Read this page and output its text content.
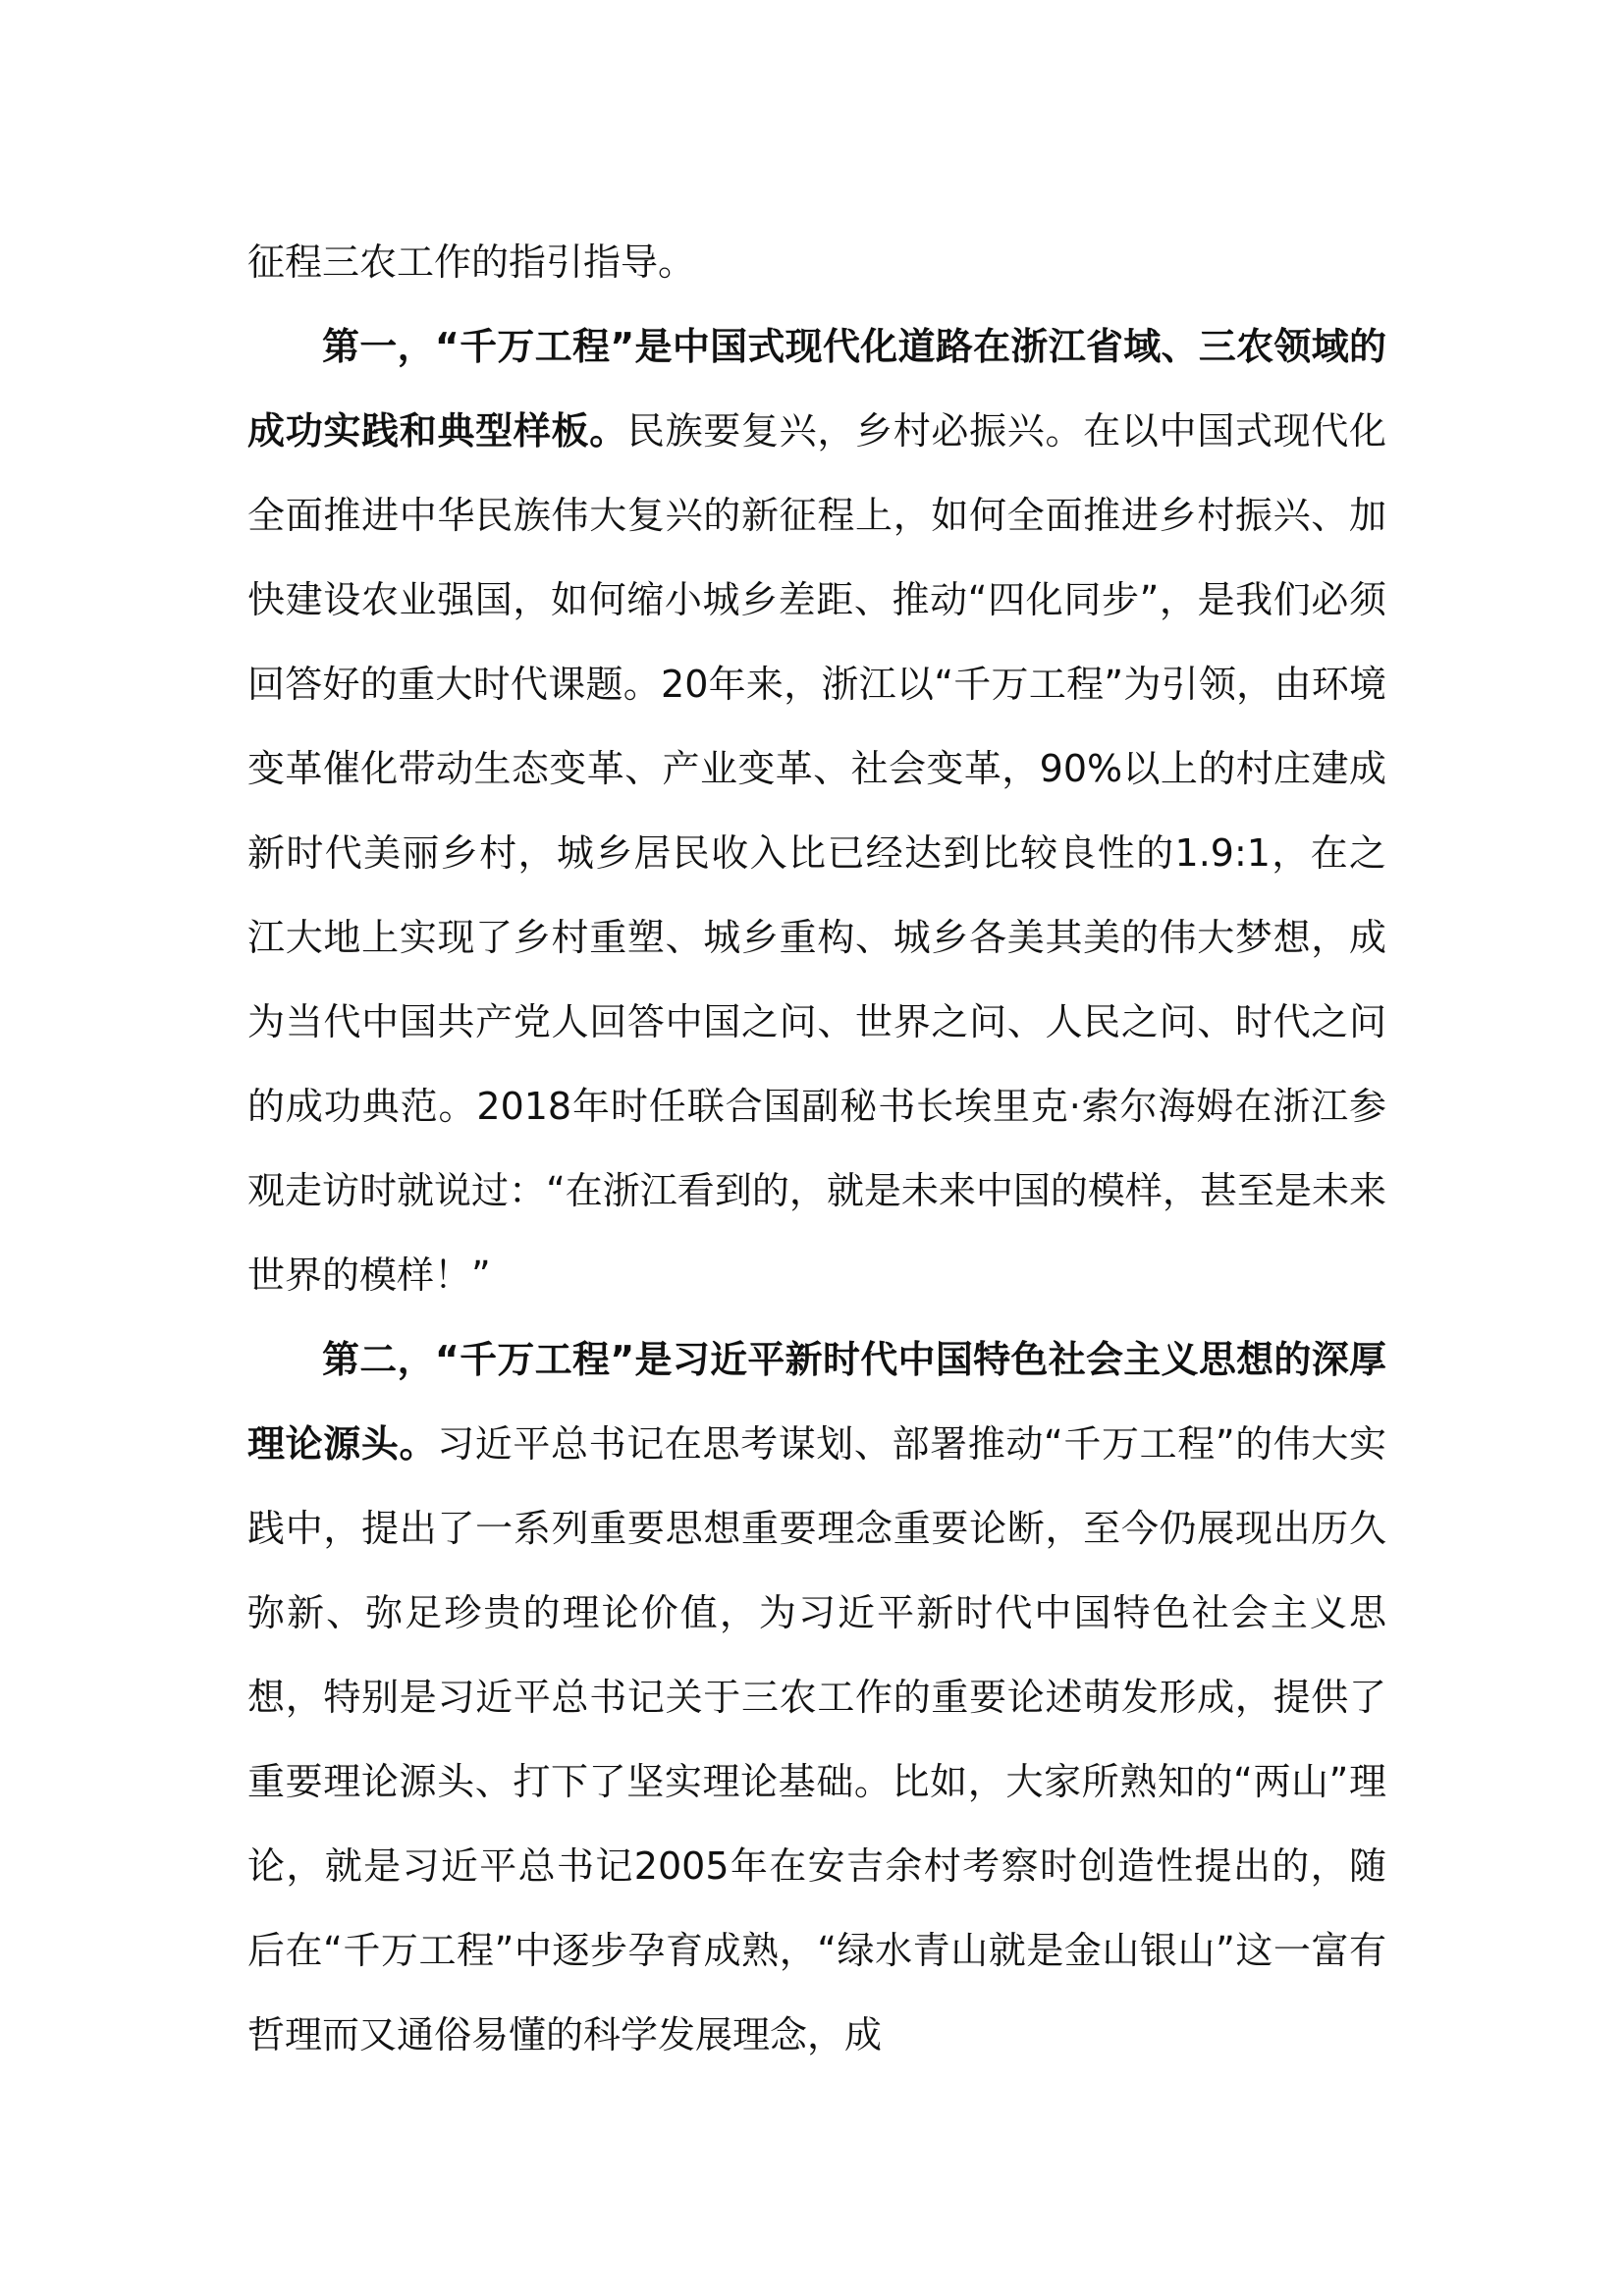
征程三农工作的指引指导。

第一，“千万工程”是中国式现代化道路在浙江省域、三农领域的成功实践和典型样板。民族要复兴，乡村必振兴。在以中国式现代化全面推进中华民族伟大复兴的新征程上，如何全面推进乡村振兴、加快建设农业强国，如何缩小城乡差距、推动“四化同步”，是我们必须回答好的重大时代课题。20年来，浙江以“千万工程”为引领，由环境变革催化带动生态变革、产业变革、社会变革，90%以上的村庄建成新时代美丽乡村，城乡居民收入比已经达到比较良性的1.9:1，在之江大地上实现了乡村重塑、城乡重构、城乡各美其美的伟大梦想，成为当代中国共产党人回答中国之问、世界之问、人民之问、时代之问的成功典范。2018年时任联合国副秘书长埃里克·索尔海姆在浙江参观走访时就说过：“在浙江看到的，就是未来中国的模样，甚至是未来世界的模样！”

第二，“千万工程”是习近平新时代中国特色社会主义思想的深厚理论源头。习近平总书记在思考谋划、部署推动“千万工程”的伟大实践中，提出了一系列重要思想重要理念重要论断，至今仍展现出历久弥新、弥足珍贵的理论价值，为习近平新时代中国特色社会主义思想，特别是习近平总书记关于三农工作的重要论述萌发形成，提供了重要理论源头、打下了坚实理论基础。比如，大家所熟知的“两山”理论，就是习近平总书记2005年在安吉余村考察时创造性提出的，随后在“千万工程”中逐步孕育成熟，“绿水青山就是金山银山”这一富有哲理而又通俗易懂的科学发展理念，成
